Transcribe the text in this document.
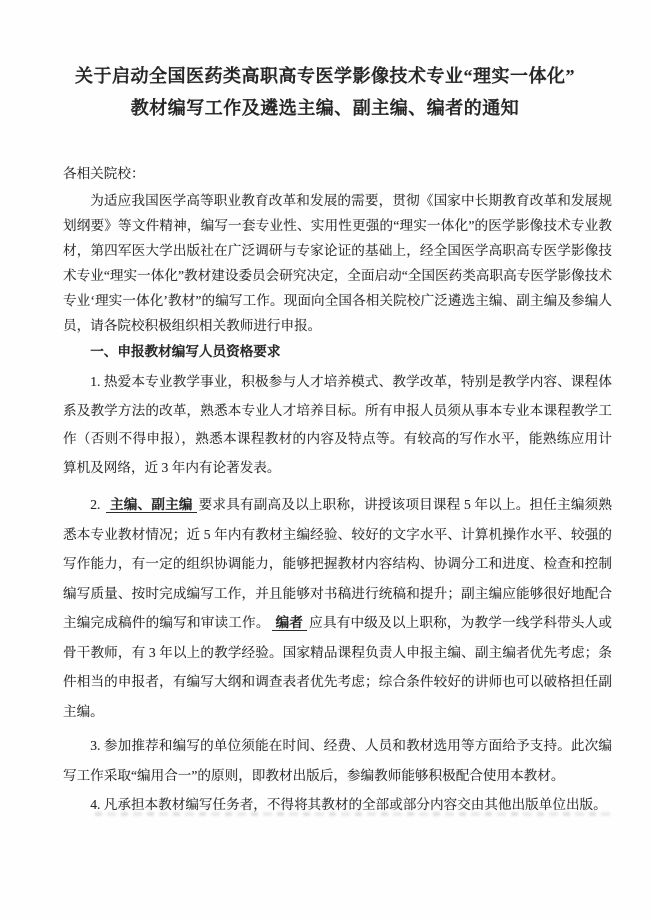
关于启动全国医药类高职高专医学影像技术专业“理实一体化”
教材编写工作及遴选主编、副主编、编者的通知

各相关院校：

为适应我国医学高等职业教育改革和发展的需要，贯彻《国家中长期教育改革和发展规划纲要》等文件精神，编写一套专业性、实用性更强的“理实一体化”的医学影像技术专业教材，第四军医大学出版社在广泛调研与专家论证的基础上，经全国医学高职高专医学影像技术专业“理实一体化”教材建设委员会研究决定，全面启动“全国医药类高职高专医学影像技术专业‘理实一体化’教材”的编写工作。现面向全国各相关院校广泛遴选主编、副主编及参编人员，请各院校积极组织相关教师进行申报。

一、申报教材编写人员资格要求

1. 热爱本专业教学事业，积极参与人才培养模式、教学改革，特别是教学内容、课程体系及教学方法的改革，熟悉本专业人才培养目标。所有申报人员须从事本专业本课程教学工作（否则不得申报），熟悉本课程教材的内容及特点等。有较高的写作水平，能熟练应用计算机及网络，近 3 年内有论著发表。

2. 主编、副主编 要求具有副高及以上职称，讲授该项目课程 5 年以上。担任主编须熟悉本专业教材情况；近 5 年内有教材主编经验、较好的文字水平、计算机操作水平、较强的写作能力，有一定的组织协调能力，能够把握教材内容结构、协调分工和进度、检查和控制编写质量、按时完成编写工作，并且能够对书稿进行统稿和提升；副主编应能够很好地配合主编完成稿件的编写和审读工作。 编者 应具有中级及以上职称，为教学一线学科带头人或骨干教师，有 3 年以上的教学经验。国家精品课程负责人申报主编、副主编者优先考虑；条件相当的申报者，有编写大纲和调查表者优先考虑；综合条件较好的讲师也可以破格担任副主编。

3. 参加推荐和编写的单位须能在时间、经费、人员和教材选用等方面给予支持。此次编写工作采取“编用合一”的原则，即教材出版后，参编教师能够积极配合使用本教材。

4. 凡承担本教材编写任务者，不得将其教材的全部或部分内容交由其他出版单位出版。
